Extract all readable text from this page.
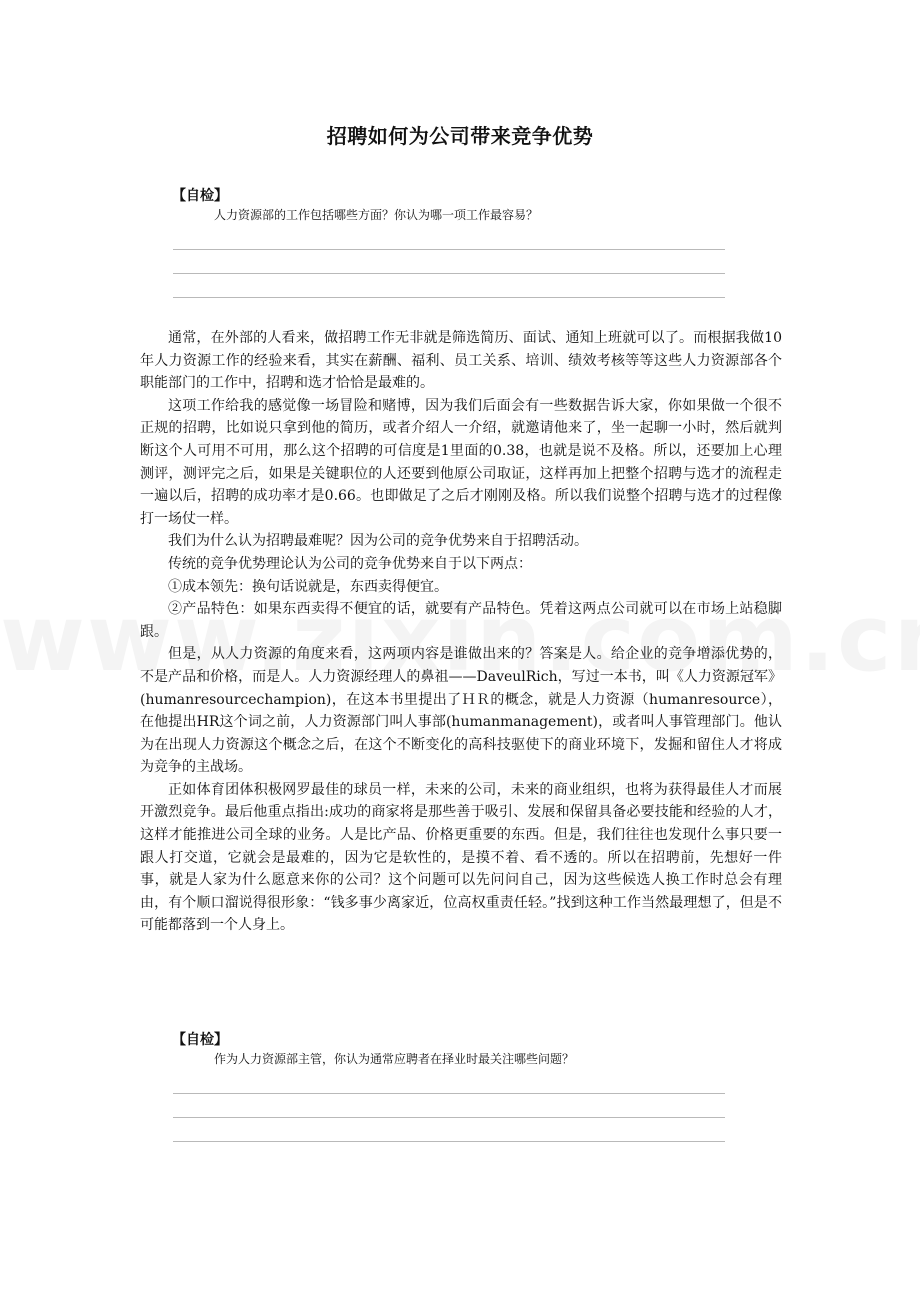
招聘如何为公司带来竞争优势
【自检】
人力资源部的工作包括哪些方面？你认为哪一项工作最容易？

通常，在外部的人看来，做招聘工作无非就是筛选简历、面试、通知上班就可以了。而根据我做10年人力资源工作的经验来看，其实在薪酬、福利、员工关系、培训、绩效考核等等这些人力资源部各个职能部门的工作中，招聘和选才恰恰是最难的。

这项工作给我的感觉像一场冒险和赌博，因为我们后面会有一些数据告诉大家，你如果做一个很不正规的招聘，比如说只拿到他的简历，或者介绍人一介绍，就邀请他来了，坐一起聊一小时，然后就判断这个人可用不可用，那么这个招聘的可信度是1里面的0.38，也就是说不及格。所以，还要加上心理测评，测评完之后，如果是关键职位的人还要到他原公司取证，这样再加上把整个招聘与选才的流程走一遍以后，招聘的成功率才是0.66。也即做足了之后才刚刚及格。所以我们说整个招聘与选才的过程像打一场仗一样。

我们为什么认为招聘最难呢？因为公司的竞争优势来自于招聘活动。

传统的竞争优势理论认为公司的竞争优势来自于以下两点：

①成本领先：换句话说就是，东西卖得便宜。

②产品特色：如果东西卖得不便宜的话，就要有产品特色。凭着这两点公司就可以在市场上站稳脚跟。

但是，从人力资源的角度来看，这两项内容是谁做出来的？答案是人。给企业的竞争增添优势的，不是产品和价格，而是人。人力资源经理人的鼻祖——DaveulRich，写过一本书，叫《人力资源冠军》(humanresourcechampion)，在这本书里提出了ＨＲ的概念，就是人力资源（humanresource），在他提出HR这个词之前，人力资源部门叫人事部(humanmanagement)，或者叫人事管理部门。他认为在出现人力资源这个概念之后，在这个不断变化的高科技驱使下的商业环境下，发掘和留住人才将成为竞争的主战场。

正如体育团体积极网罗最佳的球员一样，未来的公司，未来的商业组织，也将为获得最佳人才而展开激烈竞争。最后他重点指出:成功的商家将是那些善于吸引、发展和保留具备必要技能和经验的人才，这样才能推进公司全球的业务。人是比产品、价格更重要的东西。但是，我们往往也发现什么事只要一跟人打交道，它就会是最难的，因为它是软性的，是摸不着、看不透的。所以在招聘前，先想好一件事，就是人家为什么愿意来你的公司？这个问题可以先问问自己，因为这些候选人换工作时总会有理由，有个顺口溜说得很形象：“钱多事少离家近，位高权重责任轻。”找到这种工作当然最理想了，但是不可能都落到一个人身上。

【自检】
作为人力资源部主管，你认为通常应聘者在择业时最关注哪些问题？
